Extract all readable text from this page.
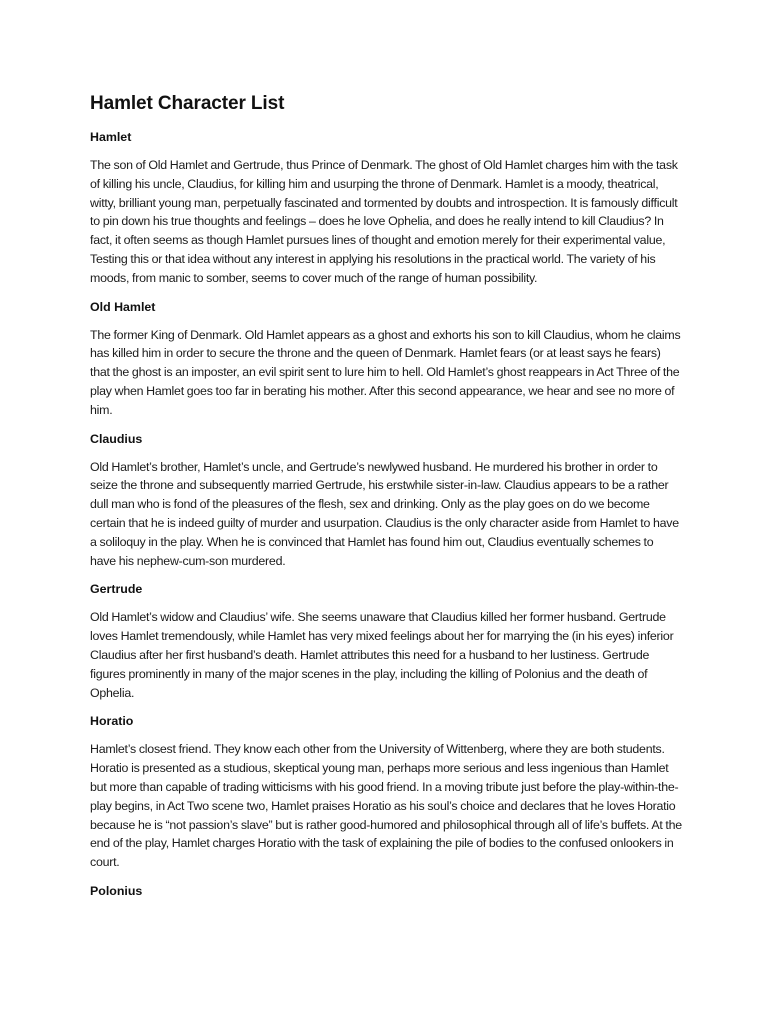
Hamlet Character List
Hamlet

The son of Old Hamlet and Gertrude, thus Prince of Denmark. The ghost of Old Hamlet charges him with the task of killing his uncle, Claudius, for killing him and usurping the throne of Denmark. Hamlet is a moody, theatrical, witty, brilliant young man, perpetually fascinated and tormented by doubts and introspection. It is famously difficult to pin down his true thoughts and feelings – does he love Ophelia, and does he really intend to kill Claudius? In fact, it often seems as though Hamlet pursues lines of thought and emotion merely for their experimental value, Testing this or that idea without any interest in applying his resolutions in the practical world. The variety of his moods, from manic to somber, seems to cover much of the range of human possibility.

Old Hamlet

The former King of Denmark. Old Hamlet appears as a ghost and exhorts his son to kill Claudius, whom he claims has killed him in order to secure the throne and the queen of Denmark. Hamlet fears (or at least says he fears) that the ghost is an imposter, an evil spirit sent to lure him to hell. Old Hamlet’s ghost reappears in Act Three of the play when Hamlet goes too far in berating his mother. After this second appearance, we hear and see no more of him.

Claudius

Old Hamlet’s brother, Hamlet’s uncle, and Gertrude’s newlywed husband. He murdered his brother in order to seize the throne and subsequently married Gertrude, his erstwhile sister-in-law. Claudius appears to be a rather dull man who is fond of the pleasures of the flesh, sex and drinking. Only as the play goes on do we become certain that he is indeed guilty of murder and usurpation. Claudius is the only character aside from Hamlet to have a soliloquy in the play. When he is convinced that Hamlet has found him out, Claudius eventually schemes to have his nephew-cum-son murdered.

Gertrude

Old Hamlet’s widow and Claudius’ wife. She seems unaware that Claudius killed her former husband. Gertrude loves Hamlet tremendously, while Hamlet has very mixed feelings about her for marrying the (in his eyes) inferior Claudius after her first husband’s death. Hamlet attributes this need for a husband to her lustiness. Gertrude figures prominently in many of the major scenes in the play, including the killing of Polonius and the death of Ophelia.

Horatio

Hamlet’s closest friend. They know each other from the University of Wittenberg, where they are both students. Horatio is presented as a studious, skeptical young man, perhaps more serious and less ingenious than Hamlet but more than capable of trading witticisms with his good friend. In a moving tribute just before the play-within-the-play begins, in Act Two scene two, Hamlet praises Horatio as his soul’s choice and declares that he loves Horatio because he is “not passion’s slave” but is rather good-humored and philosophical through all of life’s buffets. At the end of the play, Hamlet charges Horatio with the task of explaining the pile of bodies to the confused onlookers in court.

Polonius
